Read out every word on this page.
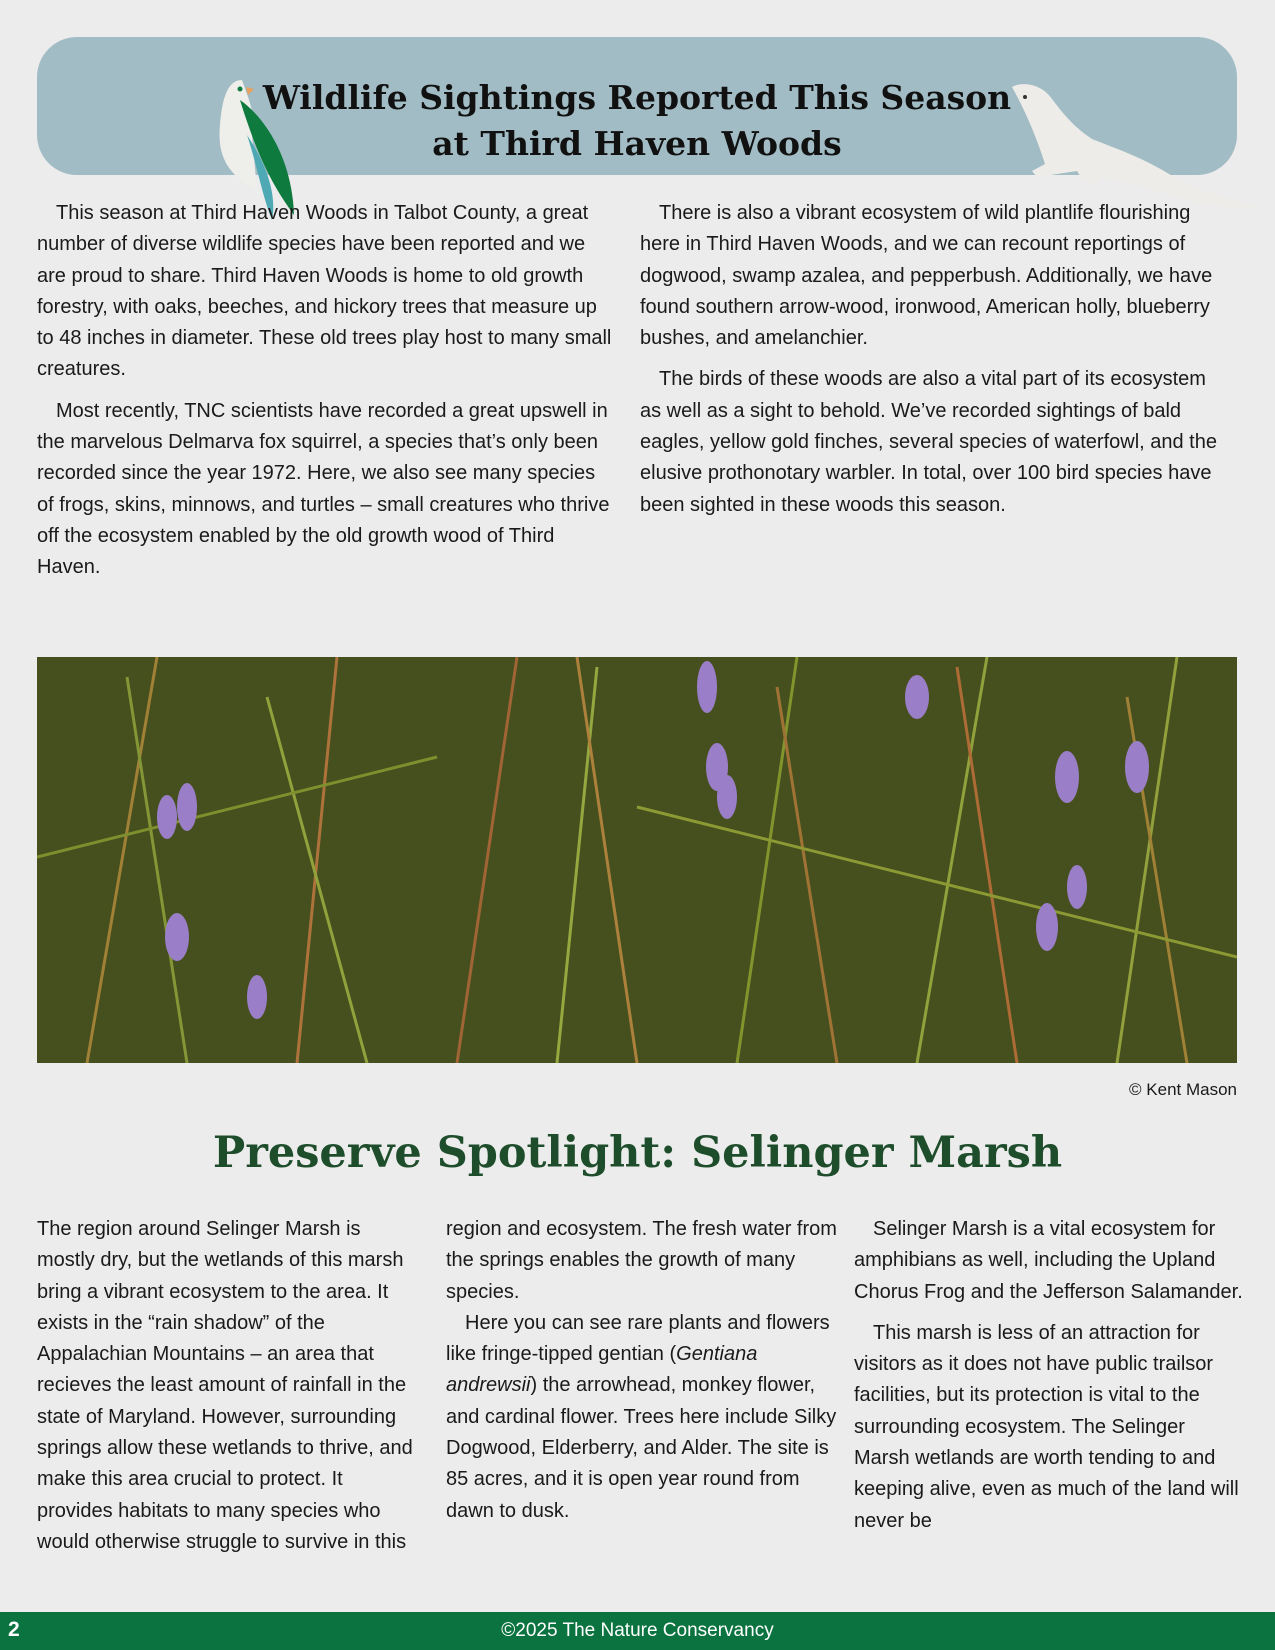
Wildlife Sightings Reported This Season
at Third Haven Woods

This season at Third Haven Woods in Talbot County, a great number of diverse wildlife species have been reported and we are proud to share. Third Haven Woods is home to old growth forestry, with oaks, beeches, and hickory trees that measure up to 48 inches in diameter. These old trees play host to many small creatures.

Most recently, TNC scientists have recorded a great upswell in the marvelous Delmarva fox squirrel, a species that’s only been recorded since the year 1972. Here, we also see many species of frogs, skins, minnows, and turtles – small creatures who thrive off the ecosystem enabled by the old growth wood of Third Haven.

There is also a vibrant ecosystem of wild plantlife flourishing here in Third Haven Woods, and we can recount reportings of dogwood, swamp azalea, and pepperbush. Additionally, we have found southern arrow-wood, ironwood, American holly, blueberry bushes, and amelanchier.

The birds of these woods are also a vital part of its ecosystem as well as a sight to behold. We’ve recorded sightings of bald eagles, yellow gold finches, several species of waterfowl, and the elusive prothonotary warbler. In total, over 100 bird species have been sighted in these woods this season.

© Kent Mason
Preserve Spotlight: Selinger Marsh

The region around Selinger Marsh is mostly dry, but the wetlands of this marsh bring a vibrant ecosystem to the area. It exists in the “rain shadow” of the Appalachian Mountains – an area that recieves the least amount of rainfall in the state of Maryland. However, surrounding springs allow these wetlands to thrive, and make this area crucial to protect. It provides habitats to many species who would otherwise struggle to survive in this

region and ecosystem. The fresh water from the springs enables the growth of many species.

Here you can see rare plants and flowers like fringe-tipped gentian (Gentiana andrewsii) the arrowhead, monkey flower, and cardinal flower. Trees here include Silky Dogwood, Elderberry, and Alder. The site is 85 acres, and it is open year round from dawn to dusk.

Selinger Marsh is a vital ecosystem for amphibians as well, including the Upland Chorus Frog and the Jefferson Salamander.

This marsh is less of an attraction for visitors as it does not have public trailsor facilities, but its protection is vital to the surrounding ecosystem. The Selinger Marsh wetlands are worth tending to and keeping alive, even as much of the land will never be

2	©2025 The Nature Conservancy
